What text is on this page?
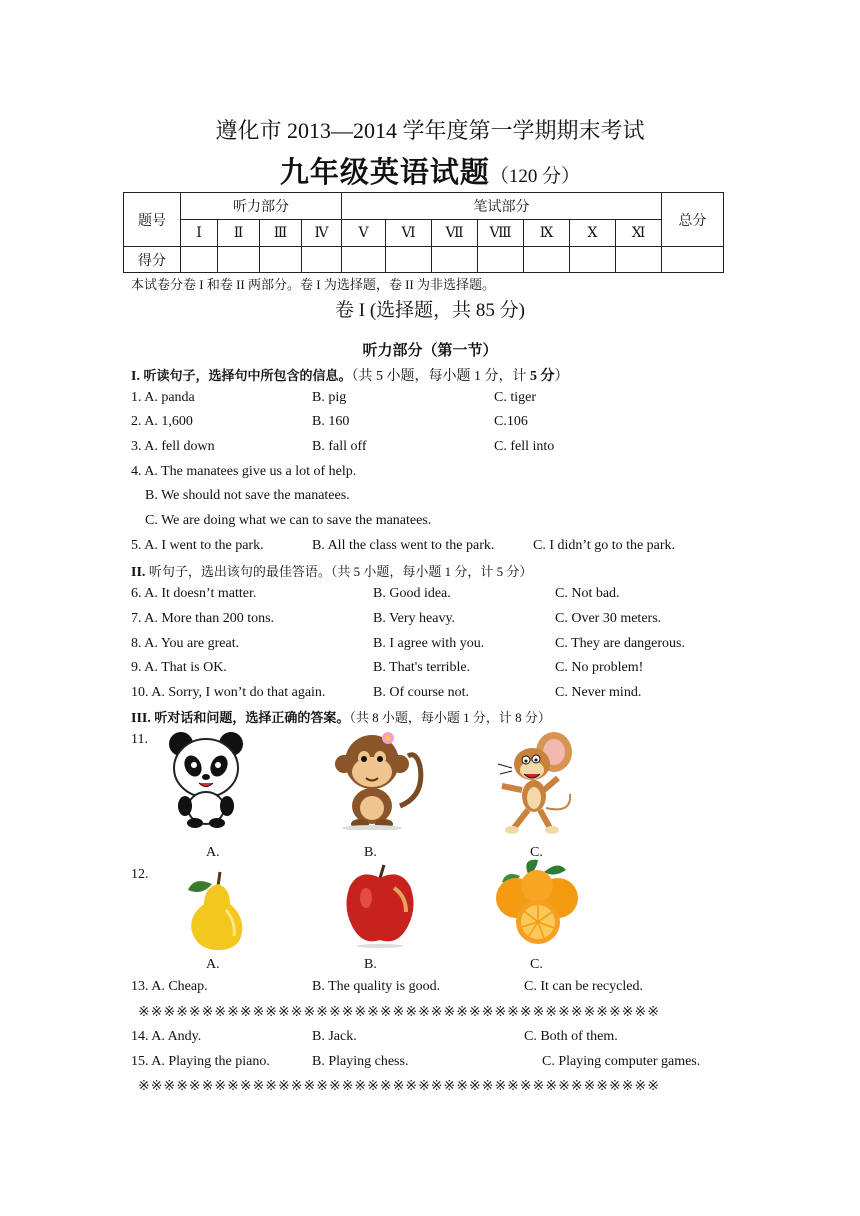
遵化市 2013—2014 学年度第一学期期末考试
九年级英语试题（120 分）
题号	听力部分				笔试部分							总分
	Ⅰ	Ⅱ	Ⅲ	Ⅳ	Ⅴ	Ⅵ	Ⅶ	Ⅷ	Ⅸ	Ⅹ	Ⅺ	
得分												
本试卷分卷 I 和卷 II 两部分。卷 I 为选择题，卷 II 为非选择题。
卷 I (选择题，共 85 分)
听力部分（第一节）
I. 听读句子，选择句中所包含的信息。（共 5 小题，每小题 1 分，计 5 分）
1. A. panda	B. pig	C. tiger
2. A. 1,600	B. 160	C.106
3. A. fell down	B. fall off	C. fell into
4. A. The manatees give us a lot of help.
B. We should not save the manatees.
C. We are doing what we can to save the manatees.
5. A. I went to the park.	B. All the class went to the park.	C. I didn’t go to the park.
II. 听句子，选出该句的最佳答语。（共 5 小题，每小题 1 分，计 5 分）
6. A. It doesn’t matter.	B. Good idea.	C. Not bad.
7. A. More than 200 tons.	B. Very heavy.	C. Over 30 meters.
8. A. You are great.	B. I agree with you.	C. They are dangerous.
9. A. That is OK.	B. That's terrible.	C. No problem!
10. A. Sorry, I won’t do that again.	B. Of course not.	C. Never mind.
III. 听对话和问题，选择正确的答案。（共 8 小题，每小题 1 分，计 8 分）
11.
A.	B.	C.
12.
A.	B.	C.
13. A. Cheap.	B. The quality is good.	C. It can be recycled.
※※※※※※※※※※※※※※※※※※※※※※※※※※※※※※※※※※※※※※※※※
14. A. Andy.	B. Jack.	C. Both of them.
15. A. Playing the piano.	B. Playing chess.	C. Playing computer games.
※※※※※※※※※※※※※※※※※※※※※※※※※※※※※※※※※※※※※※※※※
